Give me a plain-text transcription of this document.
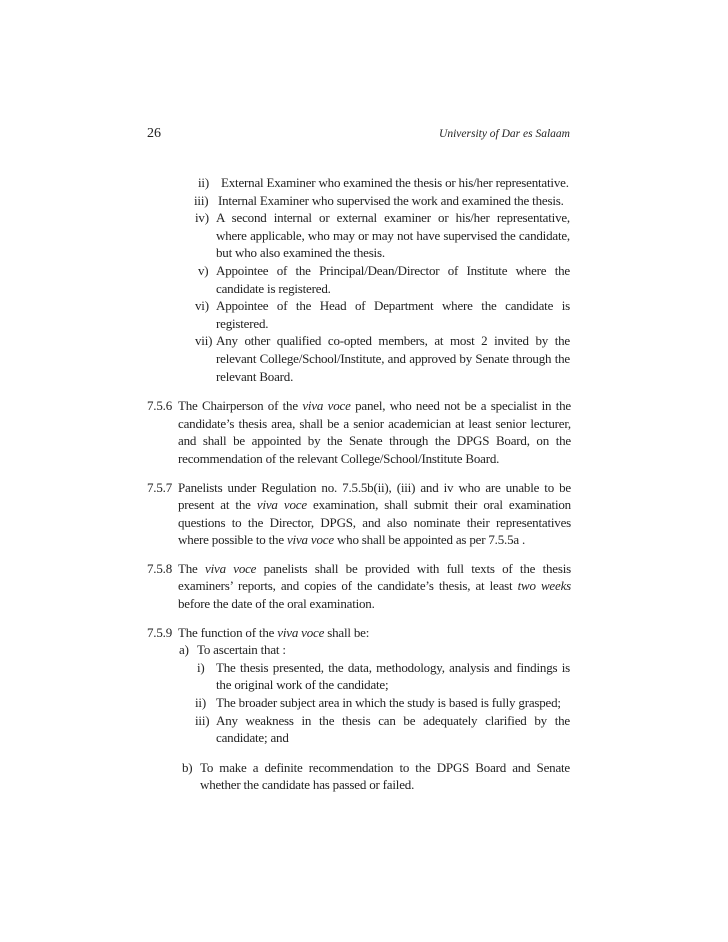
26	University of Dar es Salaam
ii) External Examiner who examined the thesis or his/her representative.
iii) Internal Examiner who supervised the work and examined the thesis.
iv) A second internal or external examiner or his/her representative, where applicable, who may or may not have supervised the candidate, but who also examined the thesis.
v) Appointee of the Principal/Dean/Director of Institute where the candidate is registered.
vi) Appointee of the Head of Department where the candidate is registered.
vii) Any other qualified co-opted members, at most 2 invited by the relevant College/School/Institute, and approved by Senate through the relevant Board.
7.5.6 The Chairperson of the viva voce panel, who need not be a specialist in the candidate’s thesis area, shall be a senior academician at least senior lecturer, and shall be appointed by the Senate through the DPGS Board, on the recommendation of the relevant College/School/Institute Board.
7.5.7 Panelists under Regulation no. 7.5.5b(ii), (iii) and iv who are unable to be present at the viva voce examination, shall submit their oral examination questions to the Director, DPGS, and also nominate their representatives where possible to the viva voce who shall be appointed as per 7.5.5a .
7.5.8 The viva voce panelists shall be provided with full texts of the thesis examiners’ reports, and copies of the candidate’s thesis, at least two weeks before the date of the oral examination.
7.5.9 The function of the viva voce shall be:
a) To ascertain that :
i) The thesis presented, the data, methodology, analysis and findings is the original work of the candidate;
ii) The broader subject area in which the study is based is fully grasped;
iii) Any weakness in the thesis can be adequately clarified by the candidate; and
b) To make a definite recommendation to the DPGS Board and Senate whether the candidate has passed or failed.
